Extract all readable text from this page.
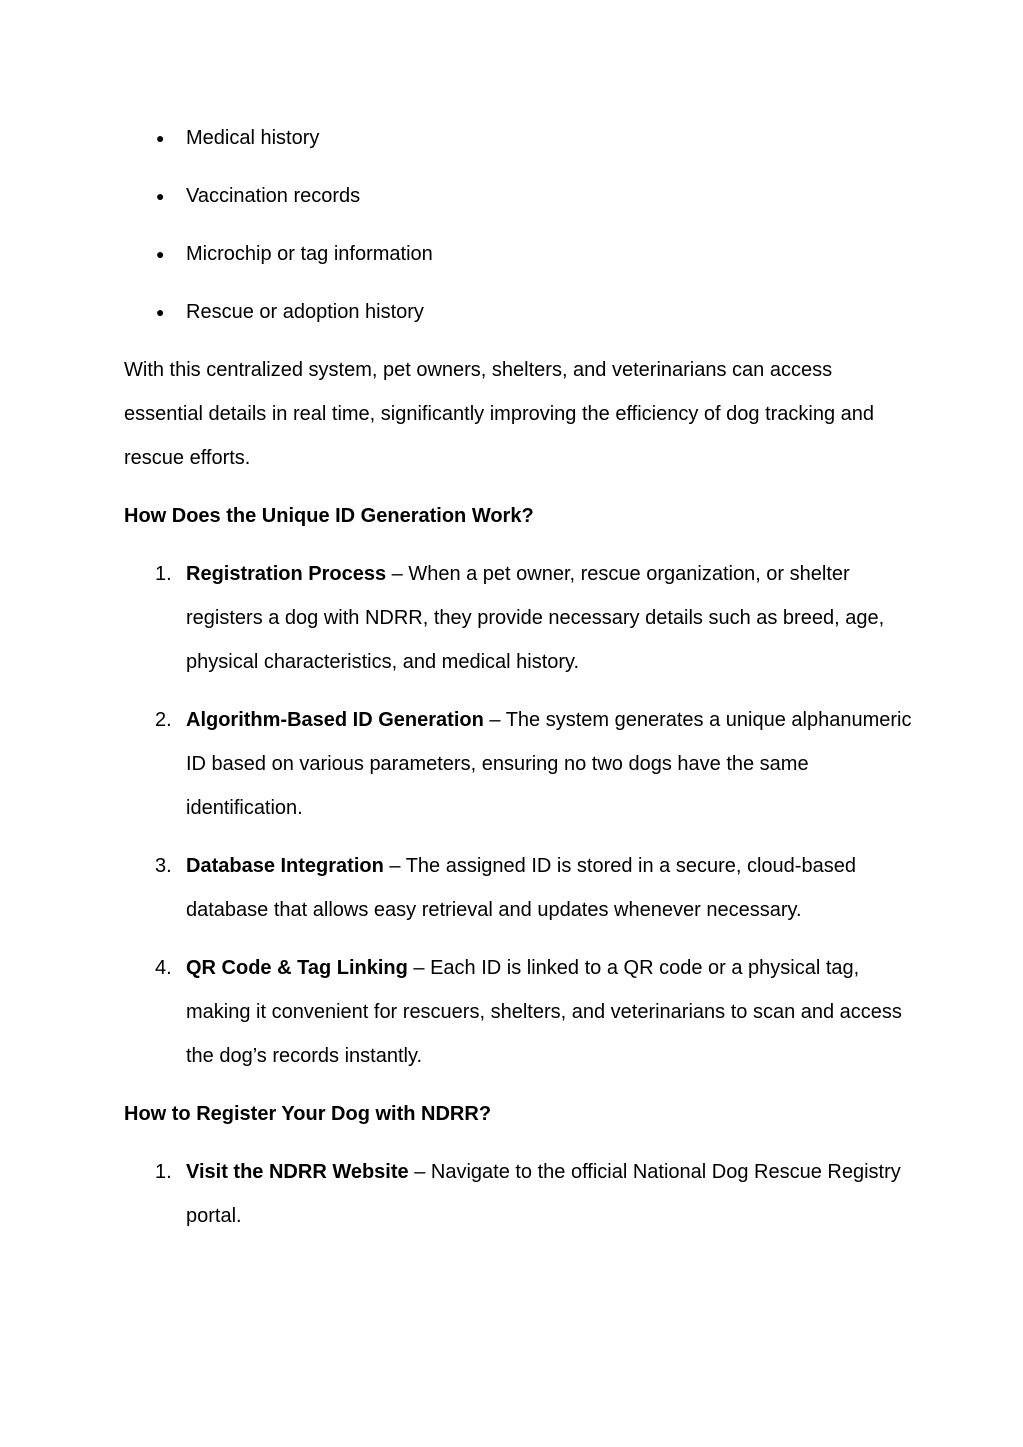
● Medical history
● Vaccination records
● Microchip or tag information
● Rescue or adoption history

With this centralized system, pet owners, shelters, and veterinarians can access essential details in real time, significantly improving the efficiency of dog tracking and rescue efforts.

How Does the Unique ID Generation Work?
1. Registration Process – When a pet owner, rescue organization, or shelter registers a dog with NDRR, they provide necessary details such as breed, age, physical characteristics, and medical history.
2. Algorithm-Based ID Generation – The system generates a unique alphanumeric ID based on various parameters, ensuring no two dogs have the same identification.
3. Database Integration – The assigned ID is stored in a secure, cloud-based database that allows easy retrieval and updates whenever necessary.
4. QR Code & Tag Linking – Each ID is linked to a QR code or a physical tag, making it convenient for rescuers, shelters, and veterinarians to scan and access the dog’s records instantly.
How to Register Your Dog with NDRR?
1. Visit the NDRR Website – Navigate to the official National Dog Rescue Registry portal.
